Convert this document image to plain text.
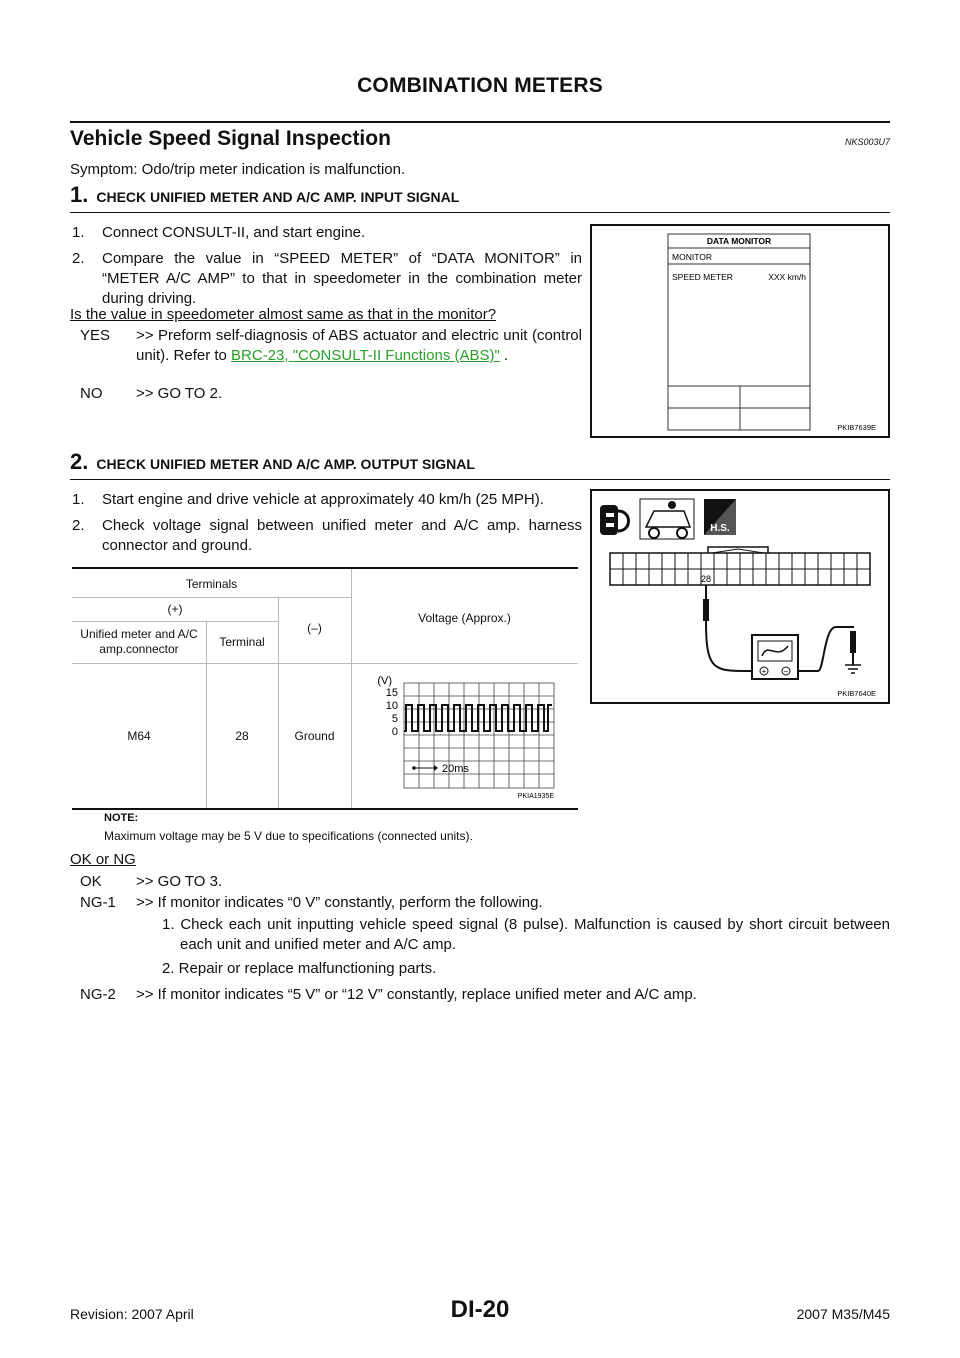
COMBINATION METERS
Vehicle Speed Signal Inspection	NKS003U7
Symptom: Odo/trip meter indication is malfunction.
1. CHECK UNIFIED METER AND A/C AMP. INPUT SIGNAL
1. Connect CONSULT-II, and start engine.
2. Compare the value in “SPEED METER” of “DATA MONITOR” in “METER A/C AMP” to that in speedometer in the combination meter during driving.
Is the value in speedometer almost same as that in the monitor?
YES >> Preform self-diagnosis of ABS actuator and electric unit (control unit). Refer to BRC-23, "CONSULT-II Functions (ABS)" .
NO >> GO TO 2.
DATA MONITOR
MONITOR
SPEED METER	XXX km/h
PKIB7639E
2. CHECK UNIFIED METER AND A/C AMP. OUTPUT SIGNAL
1. Start engine and drive vehicle at approximately 40 km/h (25 MPH).
2. Check voltage signal between unified meter and A/C amp. harness connector and ground.
H.S.
28
+ −
PKIB7640E
Terminals
(+)
(–)
Voltage (Approx.)
Unified meter and A/C amp.connector	Terminal
M64	28	Ground
(V)
15
10
5
0
20ms
PKIA1935E
NOTE:
Maximum voltage may be 5 V due to specifications (connected units).
OK or NG
OK >> GO TO 3.
NG-1 >> If monitor indicates “0 V” constantly, perform the following.
1. Check each unit inputting vehicle speed signal (8 pulse). Malfunction is caused by short circuit between each unit and unified meter and A/C amp.
2. Repair or replace malfunctioning parts.
NG-2 >> If monitor indicates “5 V” or “12 V” constantly, replace unified meter and A/C amp.
DI-20
Revision: 2007 April	2007 M35/M45
